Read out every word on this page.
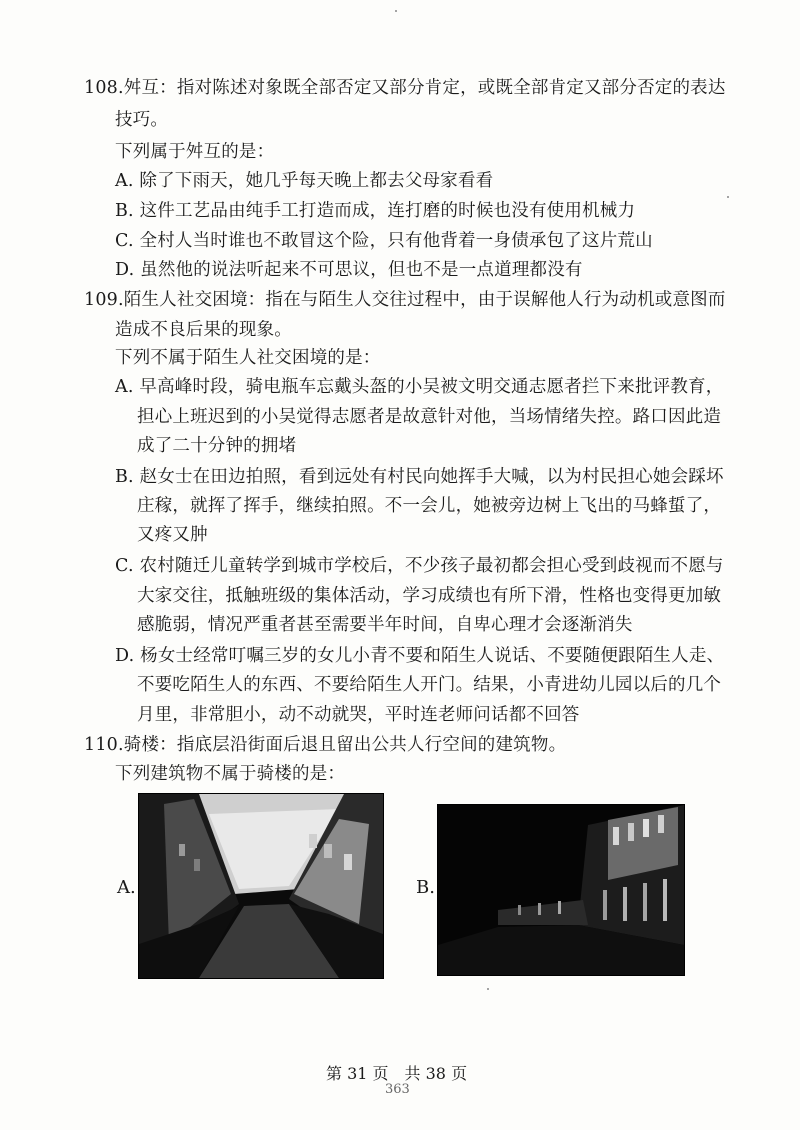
108.舛互：指对陈述对象既全部否定又部分肯定，或既全部肯定又部分否定的表达
技巧。
下列属于舛互的是：
A. 除了下雨天，她几乎每天晚上都去父母家看看
B. 这件工艺品由纯手工打造而成，连打磨的时候也没有使用机械力
C. 全村人当时谁也不敢冒这个险，只有他背着一身债承包了这片荒山
D. 虽然他的说法听起来不可思议，但也不是一点道理都没有
109.陌生人社交困境：指在与陌生人交往过程中，由于误解他人行为动机或意图而
造成不良后果的现象。
下列不属于陌生人社交困境的是：
A. 早高峰时段，骑电瓶车忘戴头盔的小吴被文明交通志愿者拦下来批评教育，
担心上班迟到的小吴觉得志愿者是故意针对他，当场情绪失控。路口因此造
成了二十分钟的拥堵
B. 赵女士在田边拍照，看到远处有村民向她挥手大喊，以为村民担心她会踩坏
庄稼，就挥了挥手，继续拍照。不一会儿，她被旁边树上飞出的马蜂蜇了，
又疼又肿
C. 农村随迁儿童转学到城市学校后，不少孩子最初都会担心受到歧视而不愿与
大家交往，抵触班级的集体活动，学习成绩也有所下滑，性格也变得更加敏
感脆弱，情况严重者甚至需要半年时间，自卑心理才会逐渐消失
D. 杨女士经常叮嘱三岁的女儿小青不要和陌生人说话、不要随便跟陌生人走、
不要吃陌生人的东西、不要给陌生人开门。结果，小青进幼儿园以后的几个
月里，非常胆小，动不动就哭，平时连老师问话都不回答
110.骑楼：指底层沿街面后退且留出公共人行空间的建筑物。
下列建筑物不属于骑楼的是：
A.	B.
第 31 页　共 38 页
363
